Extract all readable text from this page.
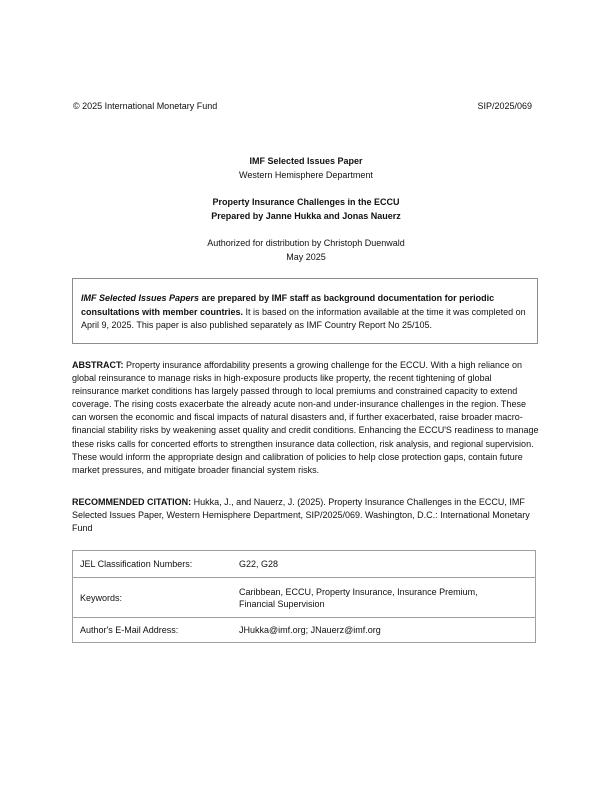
© 2025 International Monetary Fund	SIP/2025/069
IMF Selected Issues Paper
Western Hemisphere Department
Property Insurance Challenges in the ECCU
Prepared by Janne Hukka and Jonas Nauerz
Authorized for distribution by Christoph Duenwald
May 2025
IMF Selected Issues Papers are prepared by IMF staff as background documentation for periodic consultations with member countries. It is based on the information available at the time it was completed on April 9, 2025. This paper is also published separately as IMF Country Report No 25/105.
ABSTRACT: Property insurance affordability presents a growing challenge for the ECCU. With a high reliance on global reinsurance to manage risks in high-exposure products like property, the recent tightening of global reinsurance market conditions has largely passed through to local premiums and constrained capacity to extend coverage. The rising costs exacerbate the already acute non-and under-insurance challenges in the region. These can worsen the economic and fiscal impacts of natural disasters and, if further exacerbated, raise broader macro-financial stability risks by weakening asset quality and credit conditions. Enhancing the ECCU'S readiness to manage these risks calls for concerted efforts to strengthen insurance data collection, risk analysis, and regional supervision. These would inform the appropriate design and calibration of policies to help close protection gaps, contain future market pressures, and mitigate broader financial system risks.
RECOMMENDED CITATION: Hukka, J., and Nauerz, J. (2025). Property Insurance Challenges in the ECCU, IMF Selected Issues Paper, Western Hemisphere Department, SIP/2025/069. Washington, D.C.: International Monetary Fund
JEL Classification Numbers:	G22, G28
Keywords:	Caribbean, ECCU, Property Insurance, Insurance Premium,
Financial Supervision

Author's E-Mail Address:	JHukka@imf.org; JNauerz@imf.org
